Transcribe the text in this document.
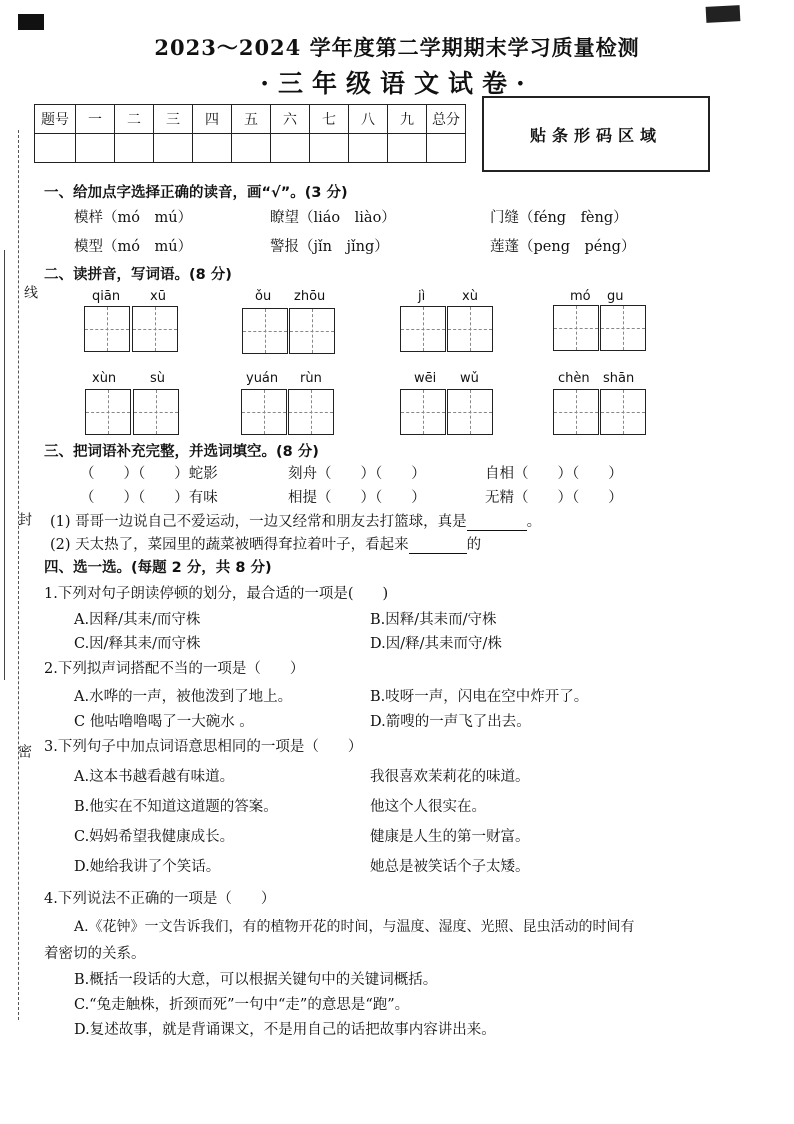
线
封
密
2023～2024 学年度第二学期期末学习质量检测
·三年级语文试卷·
题号	一	二	三	四	五	六	七	八	九	总分

贴条形码区域
一、给加点字选择正确的读音，画“√”。(3 分)
模样（mó　mú）	瞭望（liáo　liào）	门缝（féng　fèng）
模型（mó　mú）	警报（jǐn　jǐng）	莲蓬（peng　péng）
二、读拼音，写词语。(8 分)
qiān xū	ǒu zhōu	jì	xù	mó gu
xùn	sù	yuán rùn	wēi wǔ	chèn shān
三、把词语补充完整，并选词填空。(8 分)
（　　）（　　）蛇影	刻舟（　　）（　　）	自相（　　）（　　）
（　　）（　　）有味	相提（　　）（　　）	无精（　　）（　　）
(1) 哥哥一边说自己不爱运动，一边又经常和朋友去打篮球，真是	。
(2) 天太热了，菜园里的蔬菜被晒得耷拉着叶子，看起来	的
四、选一选。(每题 2 分，共 8 分)
1.下列对句子朗读停顿的划分，最合适的一项是(　　)
A.因释/其耒/而守株	B.因释/其耒而/守株
C.因/释其耒/而守株	D.因/释/其耒而守/株
2.下列拟声词搭配不当的一项是（　　）
A.水哗的一声，被他泼到了地上。	B.吱呀一声，闪电在空中炸开了。
C 他咕噜噜喝了一大碗水 。	D.箭嗖的一声飞了出去。
3.下列句子中加点词语意思相同的一项是（　　）
A.这本书越看越有味道。	我很喜欢茉莉花的味道。
B.他实在不知道这道题的答案。	他这个人很实在。
C.妈妈希望我健康成长。	健康是人生的第一财富。
D.她给我讲了个笑话。	她总是被笑话个子太矮。
4.下列说法不正确的一项是（　　）
A.《花钟》一文告诉我们，有的植物开花的时间，与温度、湿度、光照、昆虫活动的时间有
着密切的关系。
B.概括一段话的大意，可以根据关键句中的关键词概括。
C.“兔走触株，折颈而死”一句中“走”的意思是“跑”。
D.复述故事，就是背诵课文，不是用自己的话把故事内容讲出来。
